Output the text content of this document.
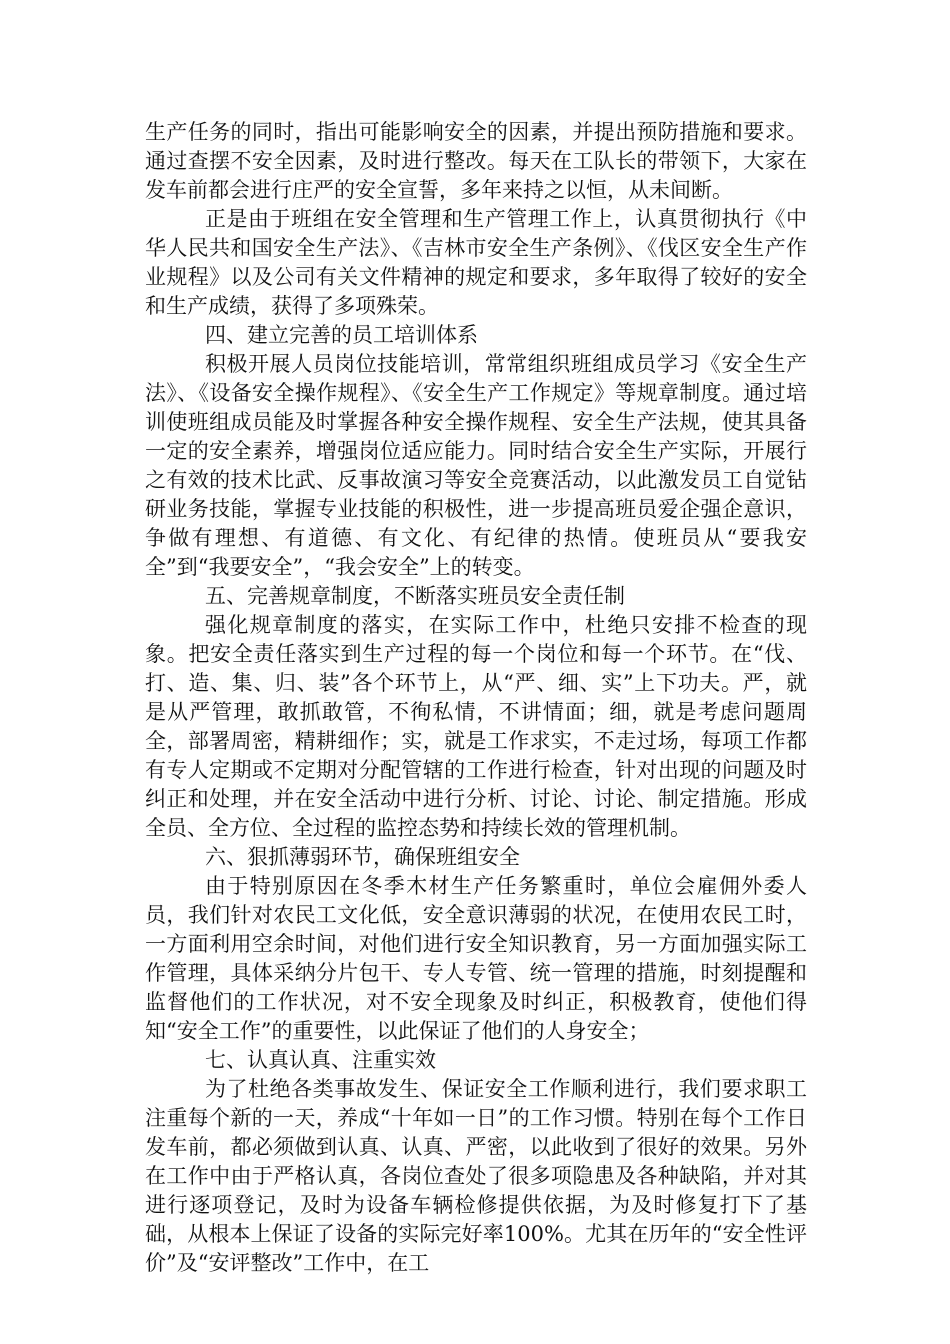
生产任务的同时，指出可能影响安全的因素，并提出预防措施和要求。通过查摆不安全因素，及时进行整改。每天在工队长的带领下，大家在发车前都会进行庄严的安全宣誓，多年来持之以恒，从未间断。

正是由于班组在安全管理和生产管理工作上，认真贯彻执行《中华人民共和国安全生产法》、《吉林市安全生产条例》、《伐区安全生产作业规程》以及公司有关文件精神的规定和要求，多年取得了较好的安全和生产成绩，获得了多项殊荣。

四、建立完善的员工培训体系

积极开展人员岗位技能培训，常常组织班组成员学习《安全生产法》、《设备安全操作规程》、《安全生产工作规定》等规章制度。通过培训使班组成员能及时掌握各种安全操作规程、安全生产法规，使其具备一定的安全素养，增强岗位适应能力。同时结合安全生产实际，开展行之有效的技术比武、反事故演习等安全竞赛活动，以此激发员工自觉钻研业务技能，掌握专业技能的积极性，进一步提高班员爱企强企意识，争做有理想、有道德、有文化、有纪律的热情。使班员从“要我安全”到“我要安全”，“我会安全”上的转变。

五、完善规章制度，不断落实班员安全责任制

强化规章制度的落实，在实际工作中，杜绝只安排不检查的现象。把安全责任落实到生产过程的每一个岗位和每一个环节。在“伐、打、造、集、归、装”各个环节上，从“严、细、实”上下功夫。严，就是从严管理，敢抓敢管，不徇私情，不讲情面；细，就是考虑问题周全，部署周密，精耕细作；实，就是工作求实，不走过场，每项工作都有专人定期或不定期对分配管辖的工作进行检查，针对出现的问题及时纠正和处理，并在安全活动中进行分析、讨论、讨论、制定措施。形成全员、全方位、全过程的监控态势和持续长效的管理机制。

六、狠抓薄弱环节，确保班组安全

由于特别原因在冬季木材生产任务繁重时，单位会雇佣外委人员，我们针对农民工文化低，安全意识薄弱的状况，在使用农民工时，一方面利用空余时间，对他们进行安全知识教育，另一方面加强实际工作管理，具体采纳分片包干、专人专管、统一管理的措施，时刻提醒和监督他们的工作状况，对不安全现象及时纠正，积极教育，使他们得知“安全工作”的重要性，以此保证了他们的人身安全；

七、认真认真、注重实效

为了杜绝各类事故发生、保证安全工作顺利进行，我们要求职工注重每个新的一天，养成“十年如一日”的工作习惯。特别在每个工作日发车前，都必须做到认真、认真、严密，以此收到了很好的效果。另外在工作中由于严格认真，各岗位查处了很多项隐患及各种缺陷，并对其进行逐项登记，及时为设备车辆检修提供依据，为及时修复打下了基础，从根本上保证了设备的实际完好率100%。尤其在历年的“安全性评价”及“安评整改”工作中，在工
